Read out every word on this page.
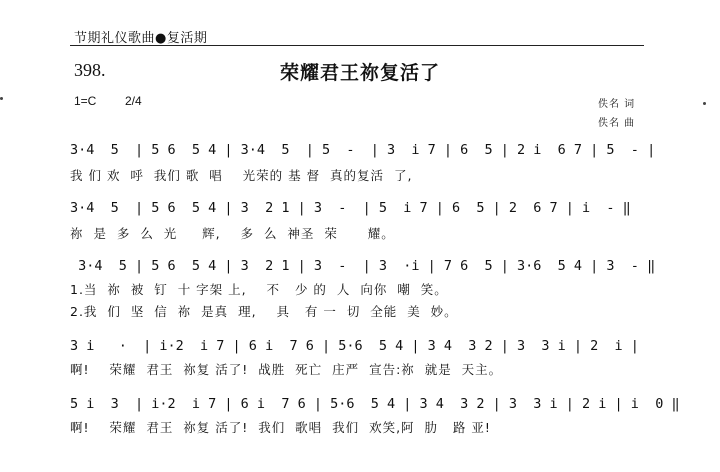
节期礼仪歌曲●复活期
398.	荣耀君王祢复活了
1=C 2/4	佚名 词
佚名 曲
3·4  5  | 5 6  5 4 | 3·4  5  | 5  -  | 3  i 7 | 6  5 | 2 i  6 7 | 5  - |
我 们 欢  呼  我们 歌  唱    光荣的 基 督  真的复活  了,
3·4  5  | 5 6  5 4 | 3  2 1 | 3  -  | 5  i 7 | 6  5 | 2  6 7 | i  - ‖
祢  是  多  么  光     辉,    多  么  神圣  荣      耀。
3·4  5 | 5 6  5 4 | 3  2 1 | 3  -  | 3  ·i | 7 6  5 | 3·6  5 4 | 3  - ‖
1.当  祢  被  钉  十 字架 上,    不   少 的  人  向你  嘲  笑。
2.我  们  坚  信  祢  是真  理,    具   有 一  切  全能  美  妙。
3 i   ·  | i·2  i 7 | 6 i  7 6 | 5·6  5 4 | 3 4  3 2 | 3  3 i | 2  i |
啊!    荣耀  君王  祢复 活了!  战胜  死亡  庄严  宣告:祢  就是  天主。
5 i  3  | i·2  i 7 | 6 i  7 6 | 5·6  5 4 | 3 4  3 2 | 3  3 i | 2 i | i  0 ‖
啊!    荣耀  君王  祢复 活了!  我们  歌唱  我们  欢笑,阿  肋   路 亚!
